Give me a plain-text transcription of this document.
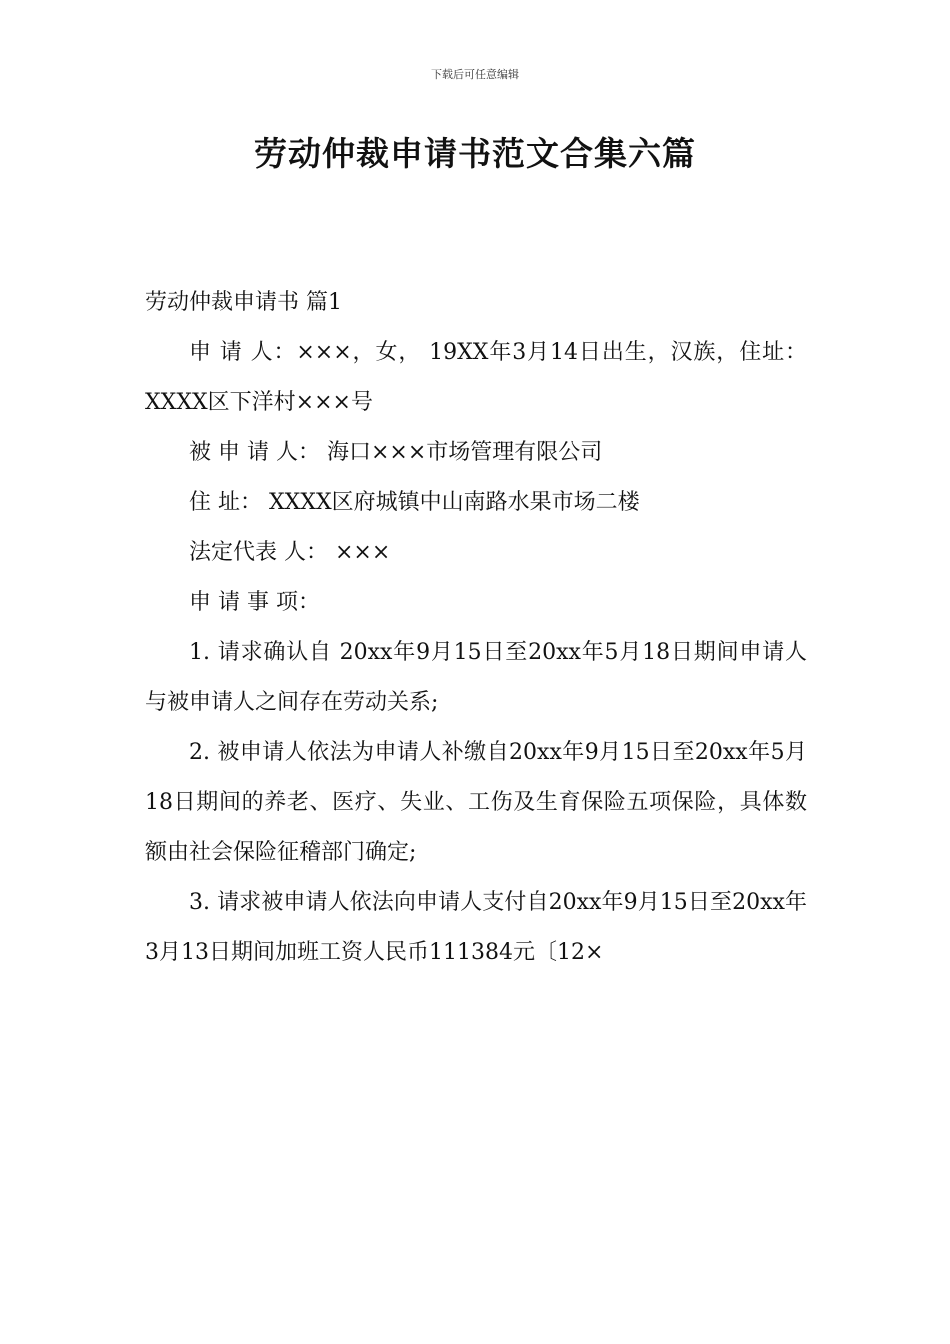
下载后可任意编辑
劳动仲裁申请书范文合集六篇

劳动仲裁申请书 篇1

申 请 人：×××，女， 19XX年3月14日出生，汉族，住址：XXXX区下洋村×××号

被 申 请 人： 海口×××市场管理有限公司

住 址： XXXX区府城镇中山南路水果市场二楼

法定代表 人： ×××

申 请 事 项：

1. 请求确认自 20xx年9月15日至20xx年5月18日期间申请人与被申请人之间存在劳动关系;

2. 被申请人依法为申请人补缴自20xx年9月15日至20xx年5月18日期间的养老、医疗、失业、工伤及生育保险五项保险，具体数额由社会保险征稽部门确定;

3. 请求被申请人依法向申请人支付自20xx年9月15日至20xx年3月13日期间加班工资人民币111384元〔12×
